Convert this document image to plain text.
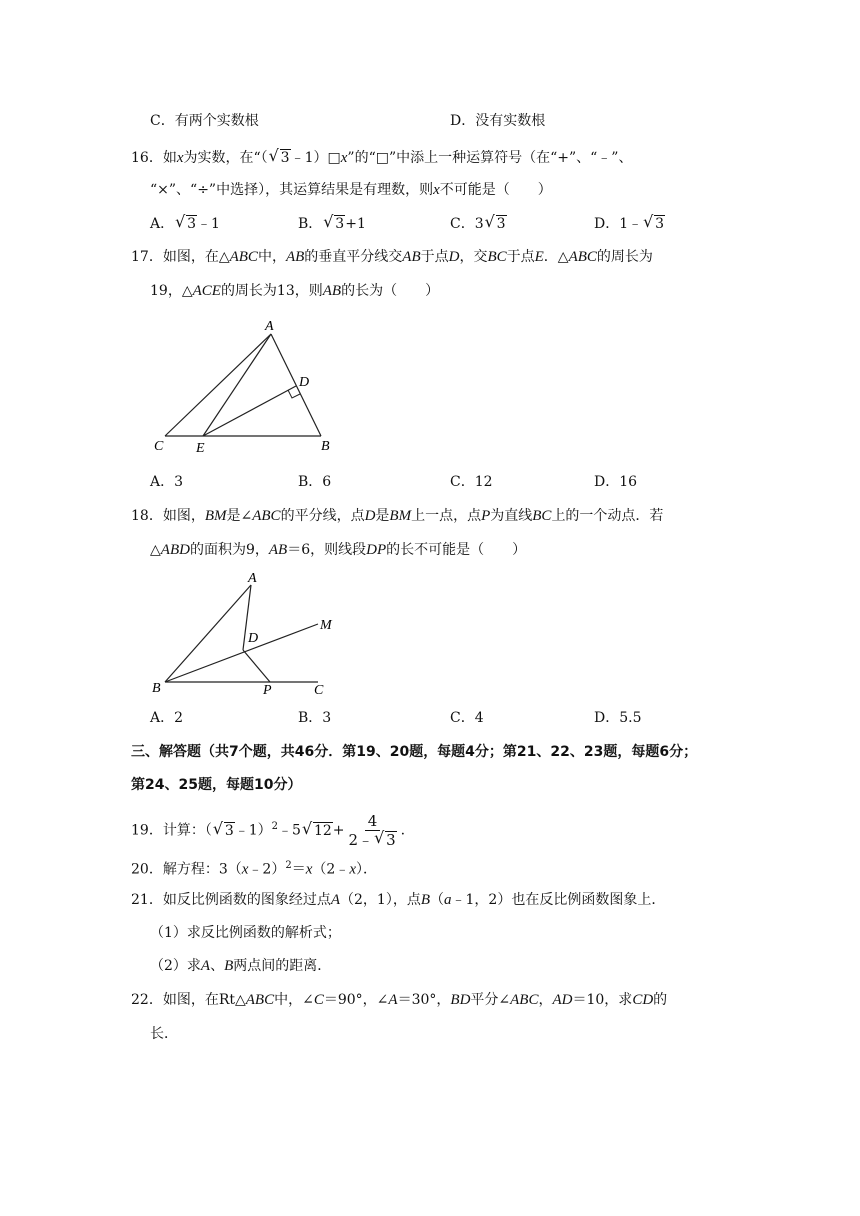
C．有两个实数根	D．没有实数根
16．如x为实数，在“（ √ 3﹣1）□x”的“□”中添上一种运算符号（在“+”、“﹣”、
“×”、“÷”中选择），其运算结果是有理数，则x不可能是（　　）
A． √ 3﹣1	B． √ 3+1	C．3 √ 3	D．1﹣ √ 3
17．如图，在△ABC中，AB的垂直平分线交AB于点D，交BC于点E．△ABC的周长为
19，△ACE的周长为13，则AB的长为（　　）
A
D
C E	B
A．3	B．6	C．12	D．16
18．如图，BM是∠ABC的平分线，点D是BM上一点，点P为直线BC上的一个动点．若
△ABD的面积为9，AB＝6，则线段DP的长不可能是（　　）
A
D
M
B	P	C
A．2	B．3	C．4	D．5.5
三、解答题（共7个题，共46分．第19、20题，每题4分；第21、22、23题，每题6分；
第24、25题，每题10分）
19．计算：（ √ 3﹣1）$^2$﹣5 √ $12+ \frac{4}{2﹣ √ 3}$ .
20．解方程：3（x﹣2）$^2$＝x（2﹣x）．
21．如反比例函数的图象经过点A（2，1），点B（a﹣1，2）也在反比例函数图象上．
（1）求反比例函数的解析式；
（2）求A、B两点间的距离．
22．如图，在Rt△ABC中，∠C＝90°，∠A＝30°，BD平分∠ABC，AD＝10，求CD的
长．
